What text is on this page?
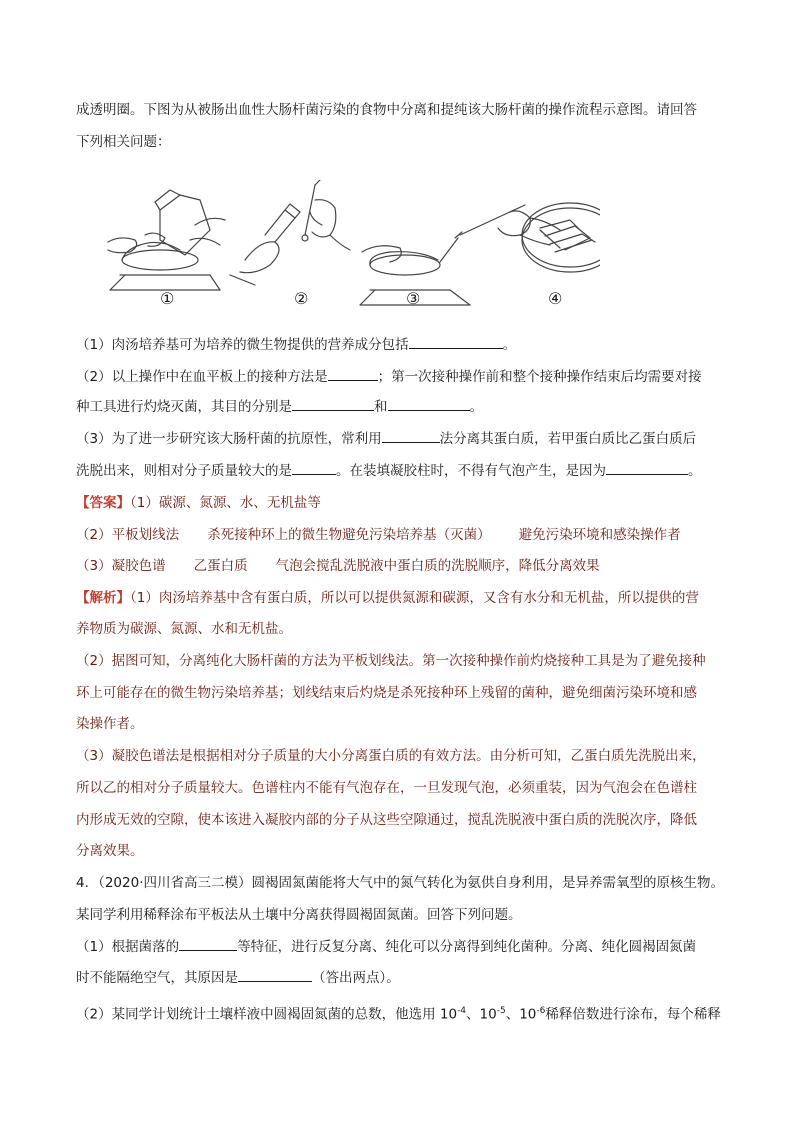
成透明圈。下图为从被肠出血性大肠杆菌污染的食物中分离和提纯该大肠杆菌的操作流程示意图。请回答
下列相关问题：
①	②	③	④
（1）肉汤培养基可为培养的微生物提供的营养成分包括	。
（2）以上操作中在血平板上的接种方法是	；第一次接种操作前和整个接种操作结束后均需要对接
种工具进行灼烧灭菌，其目的分别是	和	。
（3）为了进一步研究该大肠杆菌的抗原性，常利用	法分离其蛋白质，若甲蛋白质比乙蛋白质后
洗脱出来，则相对分子质量较大的是	。在装填凝胶柱时，不得有气泡产生，是因为	。
【答案】（1）碳源、氮源、水、无机盐等
（2）平板划线法 杀死接种环上的微生物避免污染培养基（灭菌） 避免污染环境和感染操作者
（3）凝胶色谱 乙蛋白质 气泡会搅乱洗脱液中蛋白质的洗脱顺序，降低分离效果
【解析】（1）肉汤培养基中含有蛋白质，所以可以提供氮源和碳源，又含有水分和无机盐，所以提供的营
养物质为碳源、氮源、水和无机盐。
（2）据图可知，分离纯化大肠杆菌的方法为平板划线法。第一次接种操作前灼烧接种工具是为了避免接种
环上可能存在的微生物污染培养基；划线结束后灼烧是杀死接种环上残留的菌种，避免细菌污染环境和感
染操作者。
（3）凝胶色谱法是根据相对分子质量的大小分离蛋白质的有效方法。由分析可知，乙蛋白质先洗脱出来，
所以乙的相对分子质量较大。色谱柱内不能有气泡存在，一旦发现气泡，必须重装，因为气泡会在色谱柱
内形成无效的空隙，使本该进入凝胶内部的分子从这些空隙通过，搅乱洗脱液中蛋白质的洗脱次序，降低
分离效果。
4．（2020·四川省高三二模）圆褐固氮菌能将大气中的氮气转化为氨供自身利用，是异养需氧型的原核生物。
某同学利用稀释涂布平板法从土壤中分离获得圆褐固氮菌。回答下列问题。
（1）根据菌落的	等特征，进行反复分离、纯化可以分离得到纯化菌种。分离、纯化圆褐固氮菌
时不能隔绝空气，其原因是	（答出两点）。
（2）某同学计划统计土壤样液中圆褐固氮菌的总数，他选用 $10^{-4}$、$10^{-5}$、$10^{-6}$稀释倍数进行涂布，每个稀释
